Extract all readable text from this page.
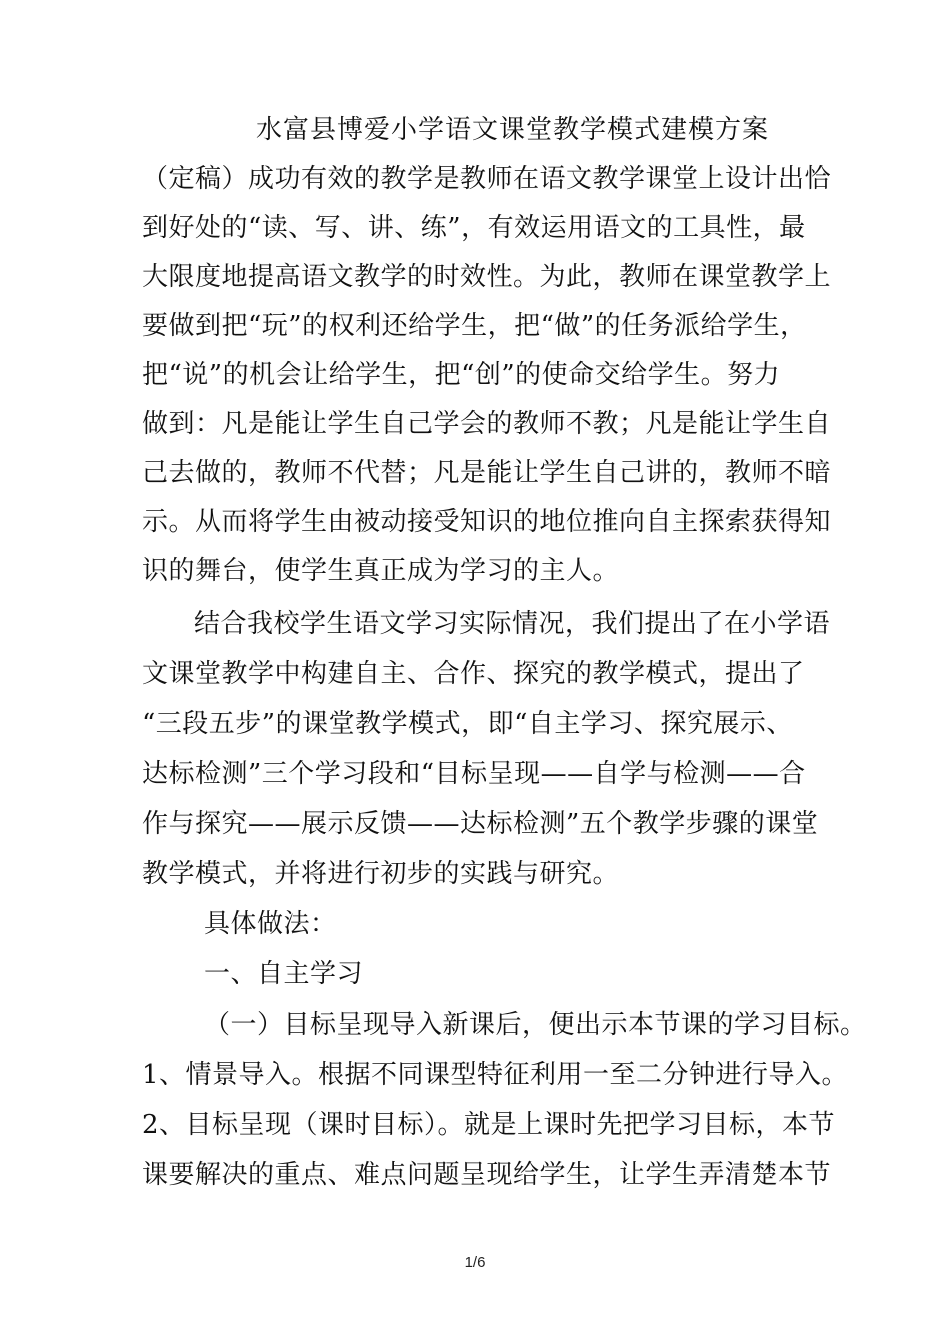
水富县博爱小学语文课堂教学模式建模方案
（定稿）成功有效的教学是教师在语文教学课堂上设计出恰
到好处的“读、写、讲、练”，有效运用语文的工具性，最
大限度地提高语文教学的时效性。为此，教师在课堂教学上
要做到把“玩”的权利还给学生，把“做”的任务派给学生，
把“说”的机会让给学生，把“创”的使命交给学生。努力
做到：凡是能让学生自己学会的教师不教；凡是能让学生自
己去做的，教师不代替；凡是能让学生自己讲的，教师不暗
示。从而将学生由被动接受知识的地位推向自主探索获得知
识的舞台，使学生真正成为学习的主人。
结合我校学生语文学习实际情况，我们提出了在小学语
文课堂教学中构建自主、合作、探究的教学模式，提出了
“三段五步”的课堂教学模式，即“自主学习、探究展示、
达标检测”三个学习段和“目标呈现——自学与检测——合
作与探究——展示反馈——达标检测”五个教学步骤的课堂
教学模式，并将进行初步的实践与研究。
具体做法：
一、自主学习
（一）目标呈现导入新课后，便出示本节课的学习目标。
1、情景导入。根据不同课型特征利用一至二分钟进行导入。
2、目标呈现（课时目标）。就是上课时先把学习目标，本节
课要解决的重点、难点问题呈现给学生，让学生弄清楚本节
1/6
